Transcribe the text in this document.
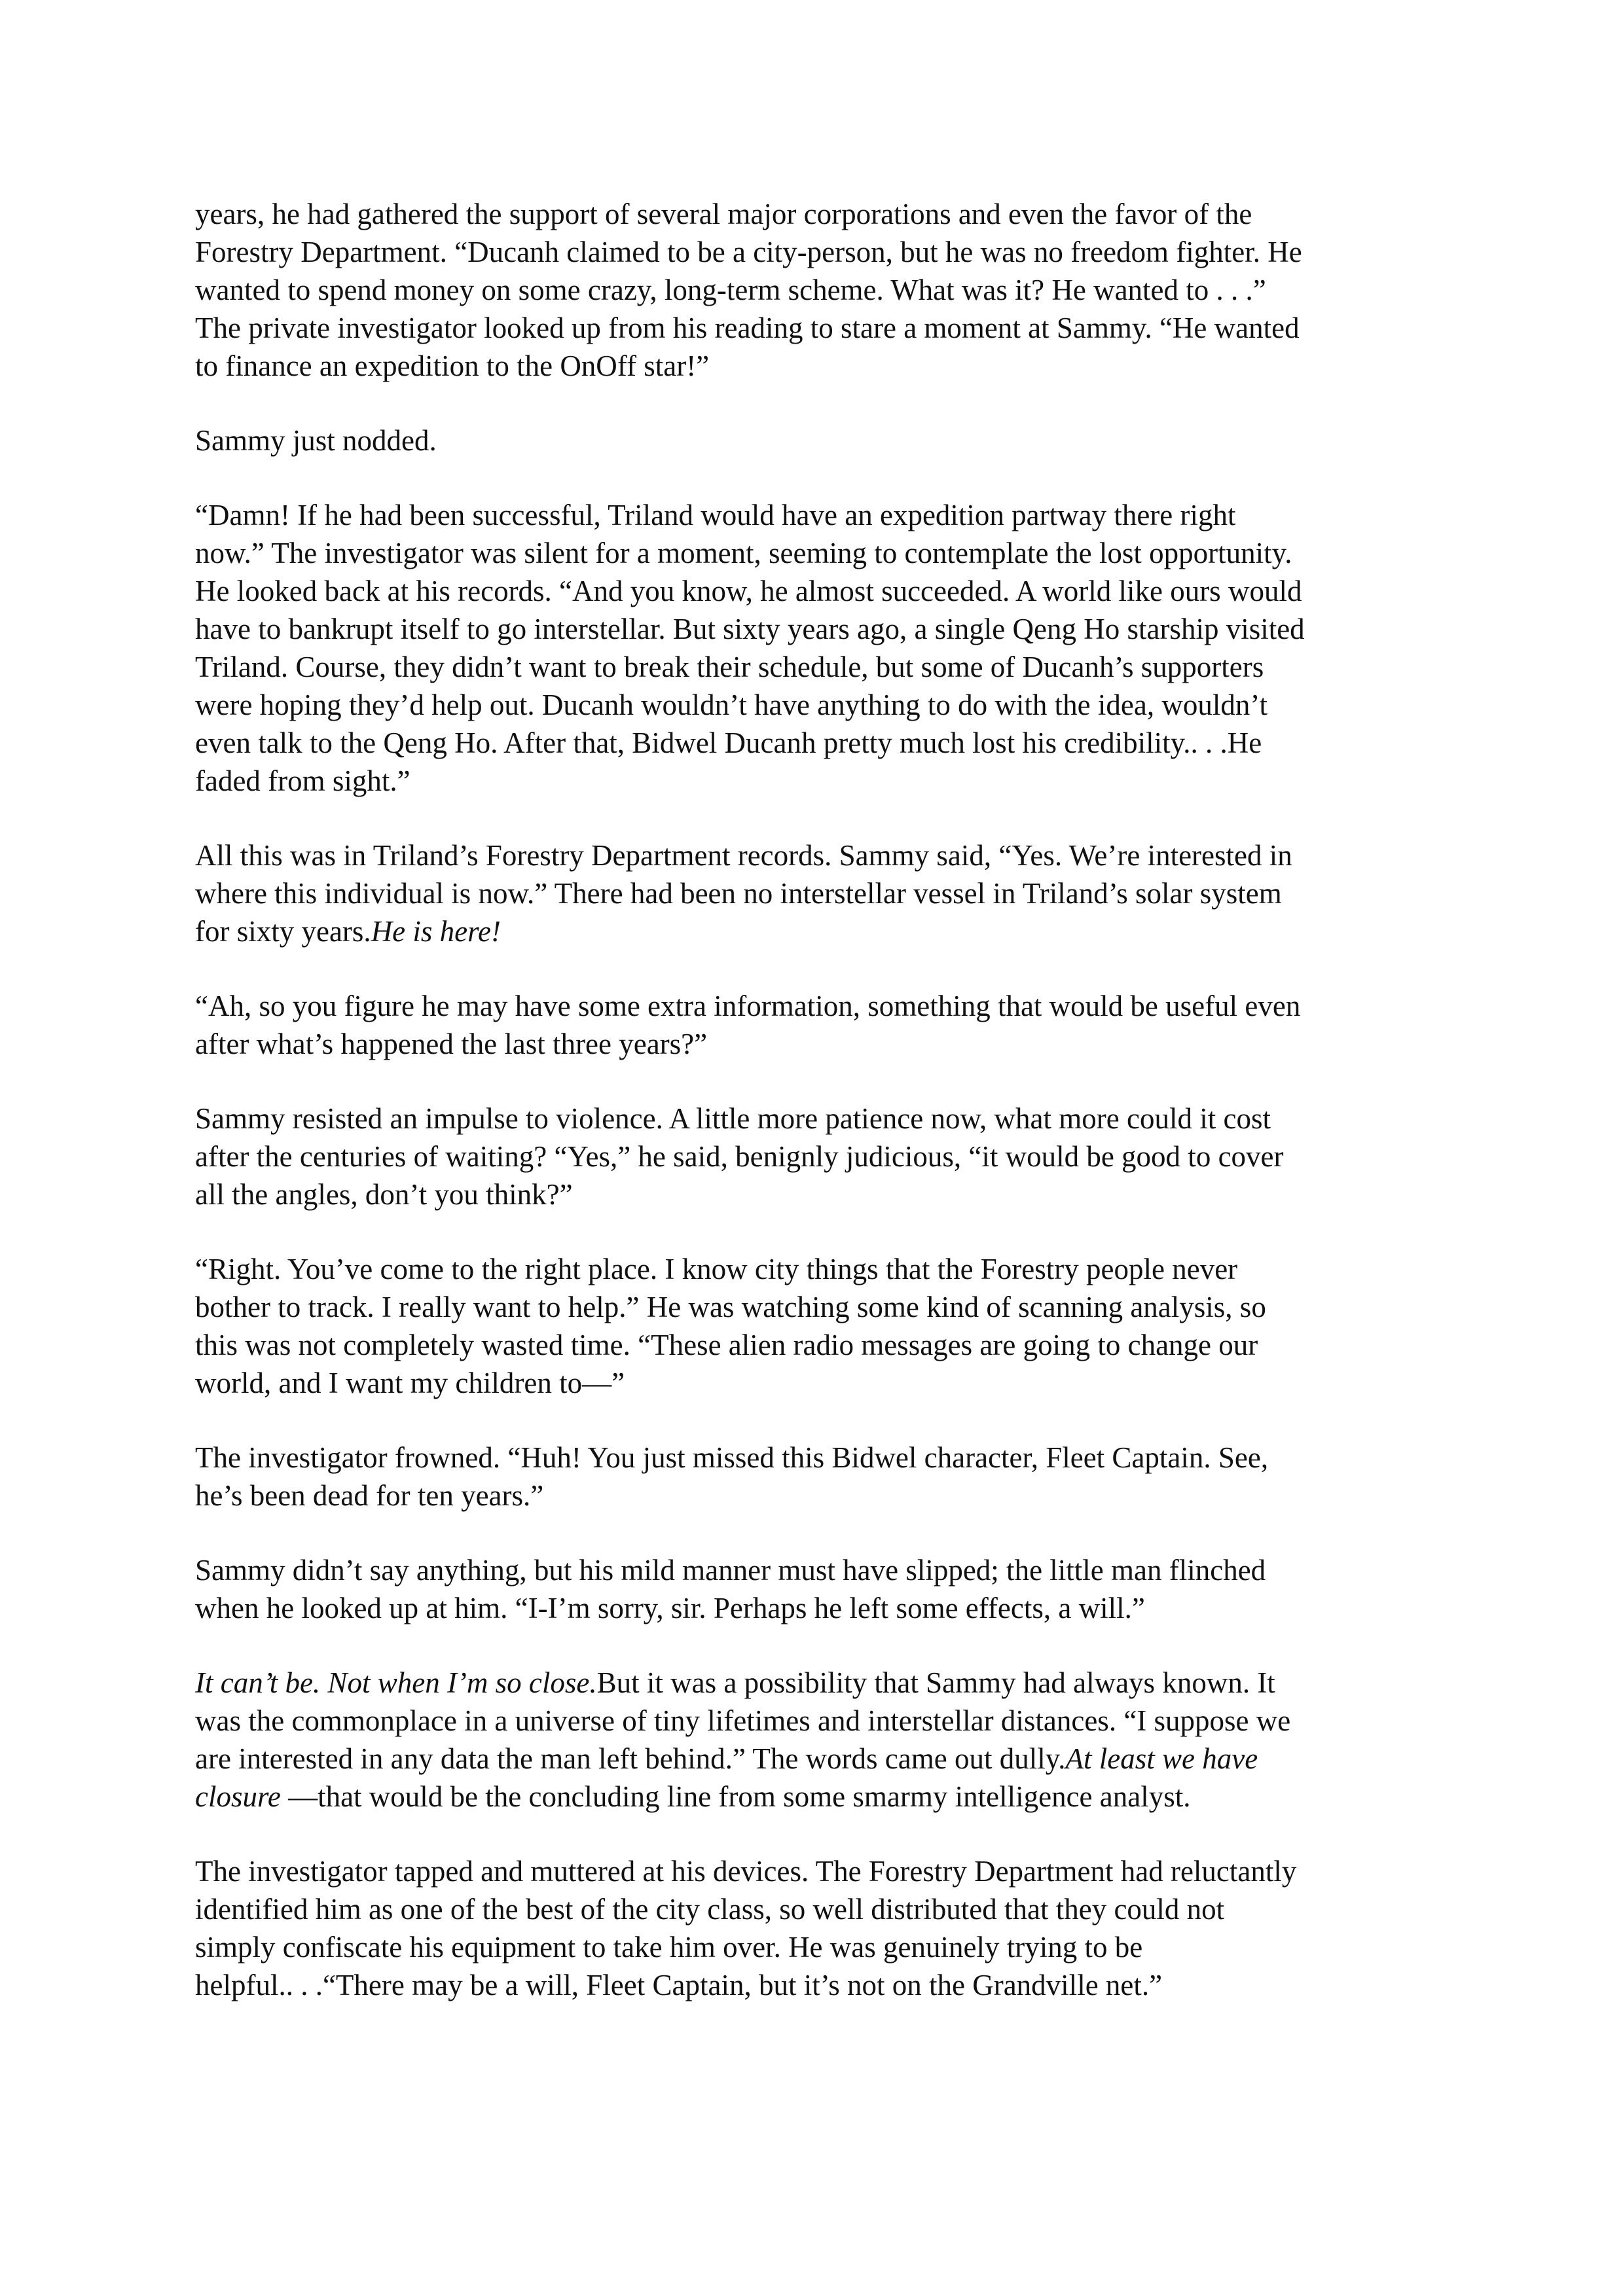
years, he had gathered the support of several major corporations and even the favor of the
Forestry Department. “Ducanh claimed to be a city-person, but he was no freedom fighter. He
wanted to spend money on some crazy, long-term scheme. What was it? He wanted to . . .”
The private investigator looked up from his reading to stare a moment at Sammy. “He wanted
to finance an expedition to the OnOff star!”
Sammy just nodded.
“Damn! If he had been successful, Triland would have an expedition partway there right
now.” The investigator was silent for a moment, seeming to contemplate the lost opportunity.
He looked back at his records. “And you know, he almost succeeded. A world like ours would
have to bankrupt itself to go interstellar. But sixty years ago, a single Qeng Ho starship visited
Triland. Course, they didn’t want to break their schedule, but some of Ducanh’s supporters
were hoping they’d help out. Ducanh wouldn’t have anything to do with the idea, wouldn’t
even talk to the Qeng Ho. After that, Bidwel Ducanh pretty much lost his credibility.. . .He
faded from sight.”
All this was in Triland’s Forestry Department records. Sammy said, “Yes. We’re interested in
where this individual is now.” There had been no interstellar vessel in Triland’s solar system
for sixty years.He is here!
“Ah, so you figure he may have some extra information, something that would be useful even
after what’s happened the last three years?”
Sammy resisted an impulse to violence. A little more patience now, what more could it cost
after the centuries of waiting? “Yes,” he said, benignly judicious, “it would be good to cover
all the angles, don’t you think?”
“Right. You’ve come to the right place. I know city things that the Forestry people never
bother to track. I really want to help.” He was watching some kind of scanning analysis, so
this was not completely wasted time. “These alien radio messages are going to change our
world, and I want my children to—”
The investigator frowned. “Huh! You just missed this Bidwel character, Fleet Captain. See,
he’s been dead for ten years.”
Sammy didn’t say anything, but his mild manner must have slipped; the little man flinched
when he looked up at him. “I-I’m sorry, sir. Perhaps he left some effects, a will.”
It can’t be. Not when I’m so close.But it was a possibility that Sammy had always known. It
was the commonplace in a universe of tiny lifetimes and interstellar distances. “I suppose we
are interested in any data the man left behind.” The words came out dully.At least we have
closure —that would be the concluding line from some smarmy intelligence analyst.
The investigator tapped and muttered at his devices. The Forestry Department had reluctantly
identified him as one of the best of the city class, so well distributed that they could not
simply confiscate his equipment to take him over. He was genuinely trying to be
helpful.. . .“There may be a will, Fleet Captain, but it’s not on the Grandville net.”
